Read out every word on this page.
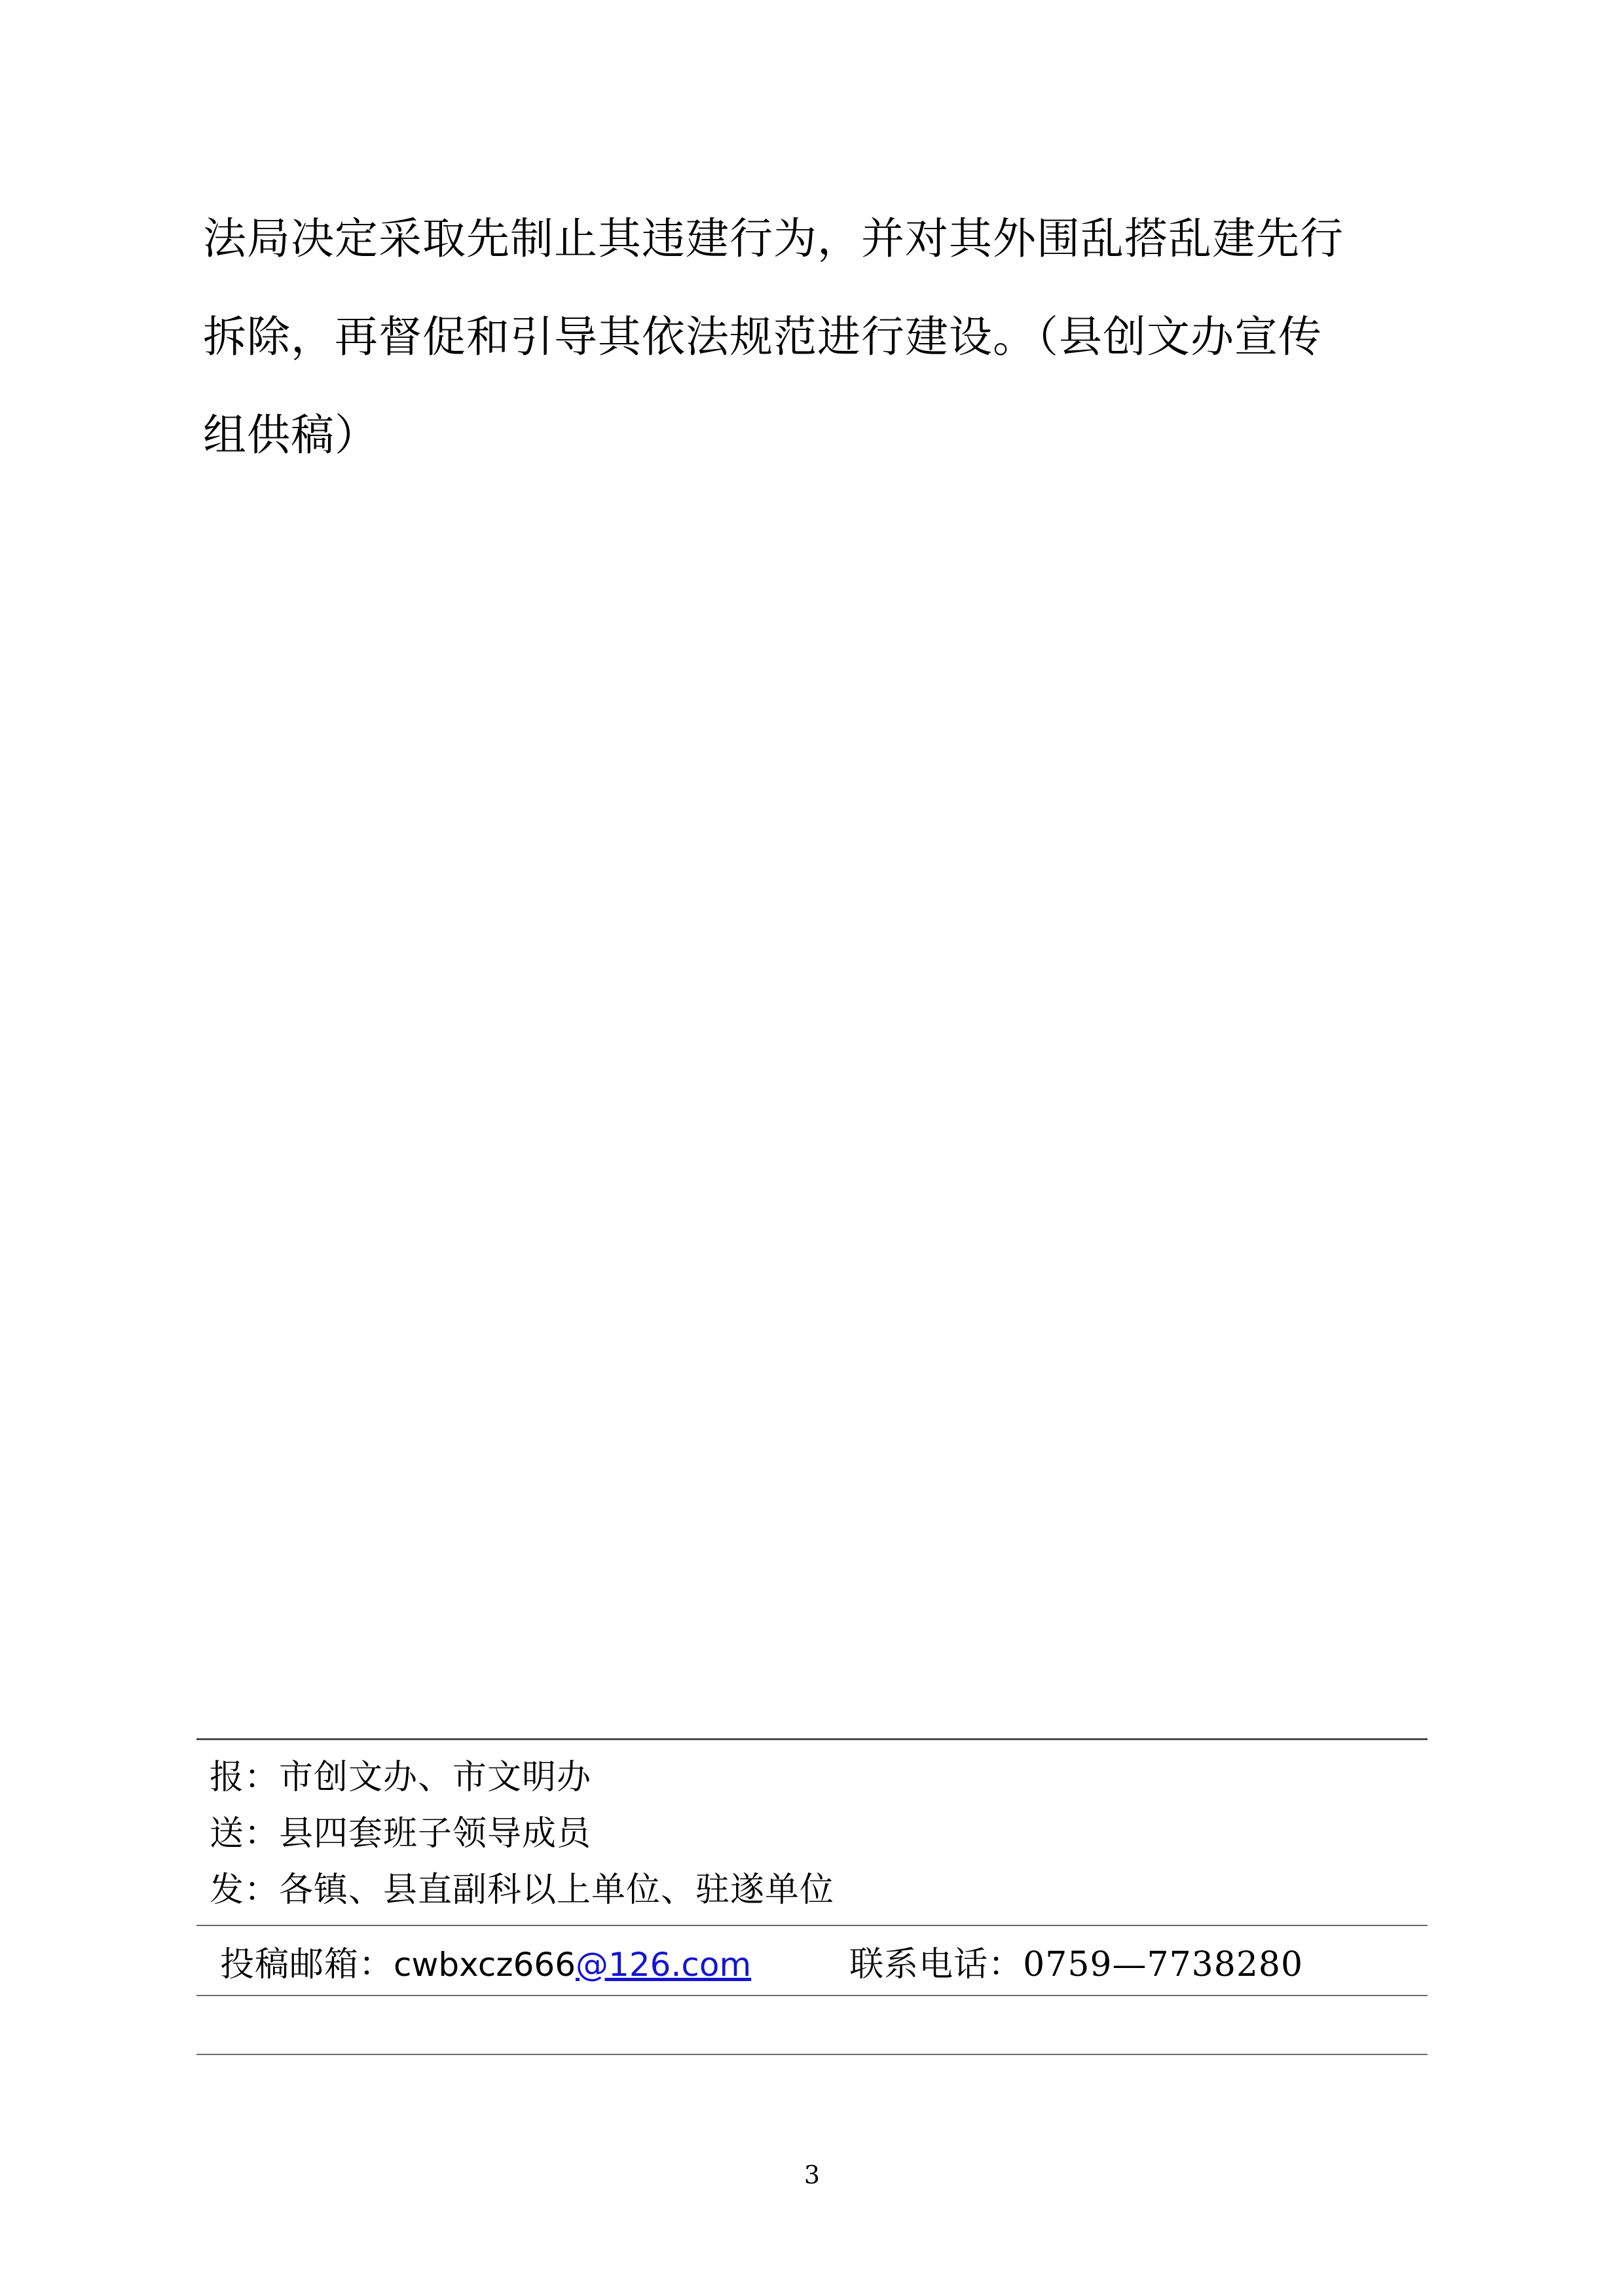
法局决定采取先制止其违建行为，并对其外围乱搭乱建先行
拆除，再督促和引导其依法规范进行建设。（县创文办宣传
组供稿）
报：市创文办、市文明办
送：县四套班子领导成员
发：各镇、县直副科以上单位、驻遂单位
投稿邮箱： cwbxcz666 @126.com	联系电话： 0759—7738280
3
